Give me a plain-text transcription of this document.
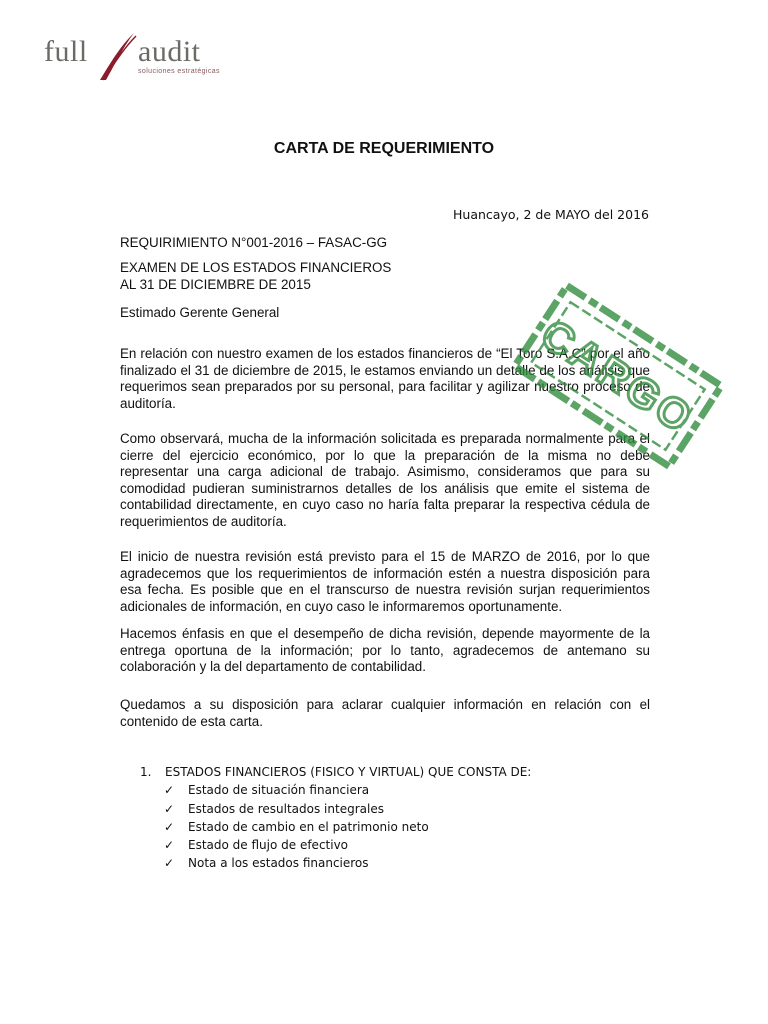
full audit
soluciones estratégicas
CARTA DE REQUERIMIENTO
Huancayo, 2 de MAYO del 2016
REQUIRIMIENTO N°001-2016 – FASAC-GG
EXAMEN DE LOS ESTADOS FINANCIEROS
AL 31 DE DICIEMBRE DE 2015
Estimado Gerente General
En relación con nuestro examen de los estados financieros de “El Toro S.A.C” por el año finalizado el 31 de diciembre de 2015, le estamos enviando un detalle de los análisis que requerimos sean preparados por su personal, para facilitar y agilizar nuestro proceso de auditoría.
Como observará, mucha de la información solicitada es preparada normalmente para el cierre del ejercicio económico, por lo que la preparación de la misma no debe representar una carga adicional de trabajo. Asimismo, consideramos que para su comodidad pudieran suministrarnos detalles de los análisis que emite el sistema de contabilidad directamente, en cuyo caso no haría falta preparar la respectiva cédula de requerimientos de auditoría.
El inicio de nuestra revisión está previsto para el 15 de MARZO de 2016, por lo que agradecemos que los requerimientos de información estén a nuestra disposición para esa fecha. Es posible que en el transcurso de nuestra revisión surjan requerimientos adicionales de información, en cuyo caso le informaremos oportunamente.
Hacemos énfasis en que el desempeño de dicha revisión, depende mayormente de la entrega oportuna de la información; por lo tanto, agradecemos de antemano su colaboración y la del departamento de contabilidad.
Quedamos a su disposición para aclarar cualquier información en relación con el contenido de esta carta.
1. ESTADOS FINANCIEROS (FISICO Y VIRTUAL) QUE CONSTA DE:
✓ Estado de situación financiera
✓ Estados de resultados integrales
✓ Estado de cambio en el patrimonio neto
✓ Estado de flujo de efectivo
✓ Nota a los estados financieros
CARGO
